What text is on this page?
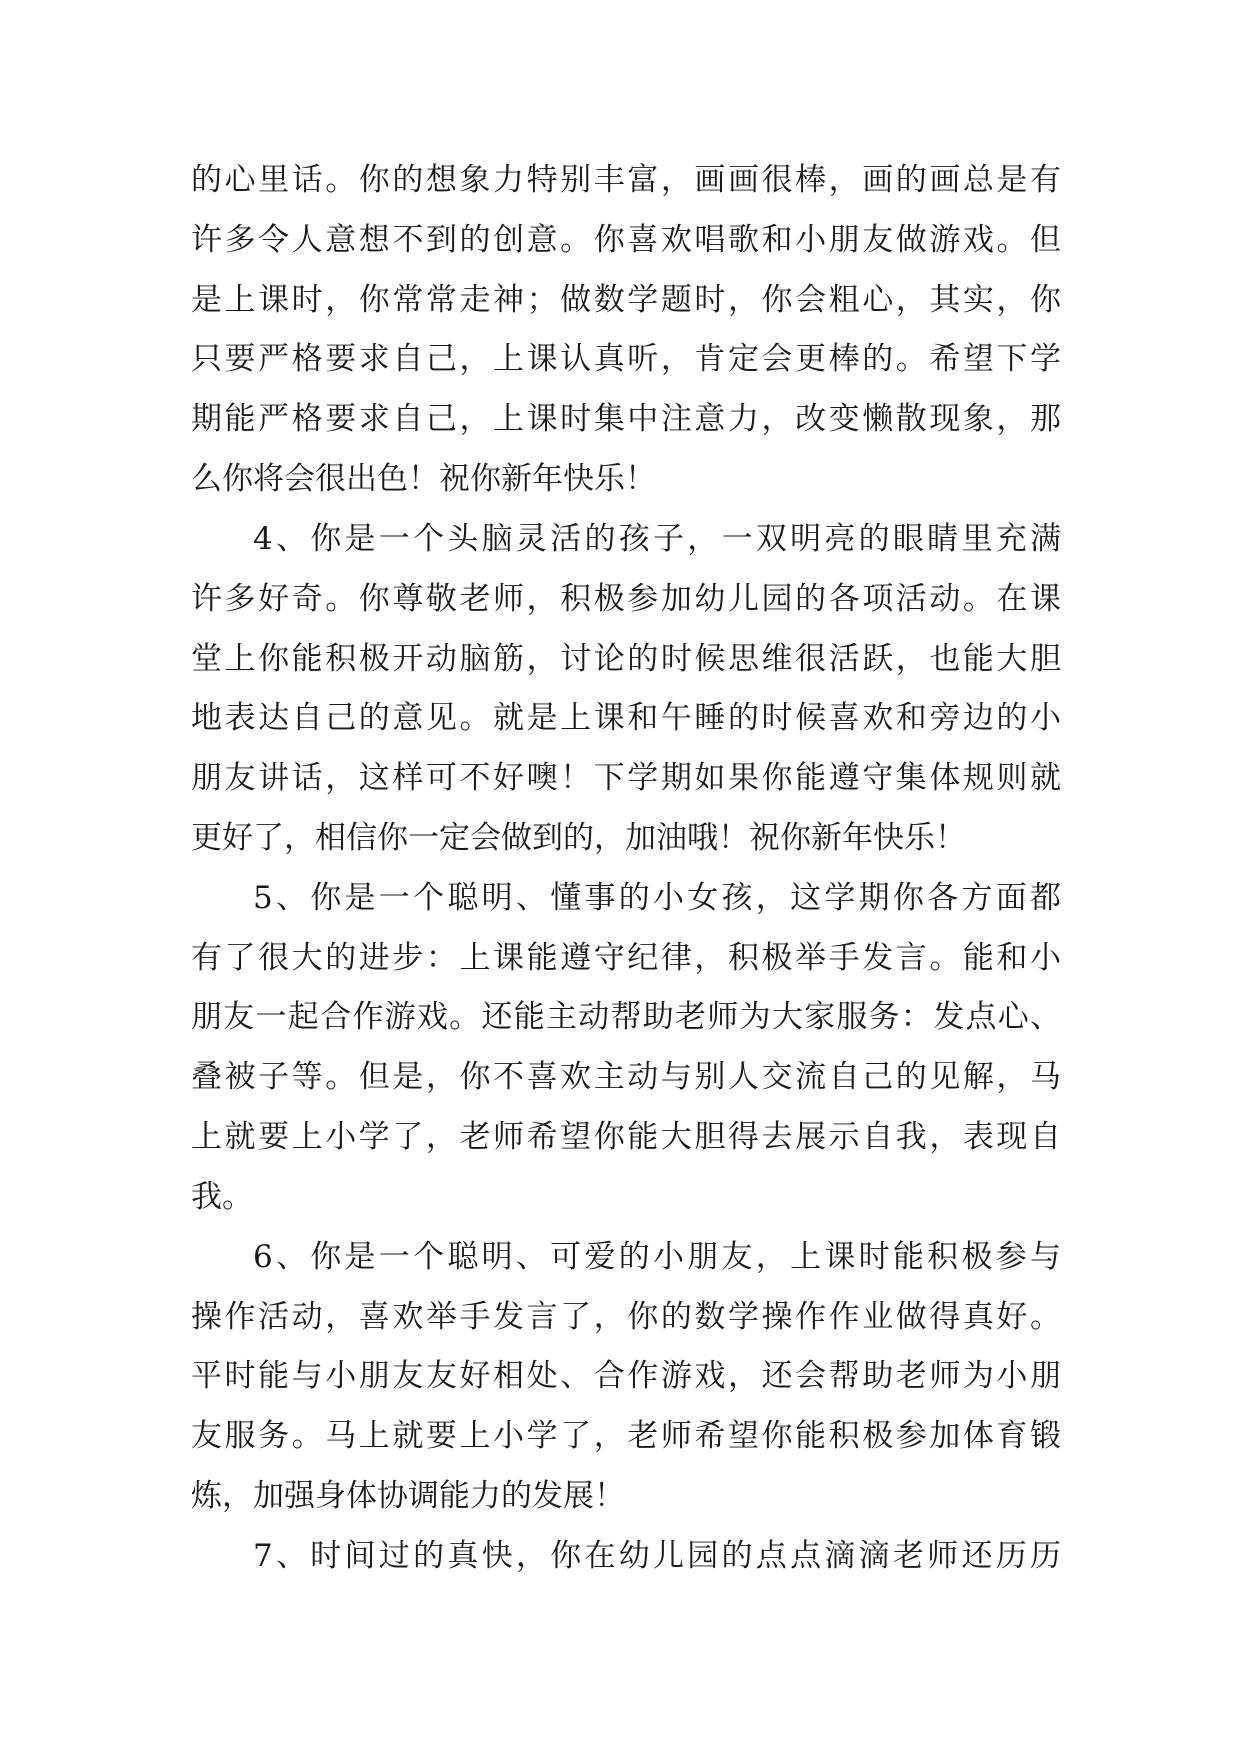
的心里话。你的想象力特别丰富，画画很棒，画的画总是有
许多令人意想不到的创意。你喜欢唱歌和小朋友做游戏。但
是上课时，你常常走神；做数学题时，你会粗心，其实，你
只要严格要求自己，上课认真听，肯定会更棒的。希望下学
期能严格要求自己，上课时集中注意力，改变懒散现象，那
么你将会很出色！祝你新年快乐！
4、你是一个头脑灵活的孩子，一双明亮的眼睛里充满
许多好奇。你尊敬老师，积极参加幼儿园的各项活动。在课
堂上你能积极开动脑筋，讨论的时候思维很活跃，也能大胆
地表达自己的意见。就是上课和午睡的时候喜欢和旁边的小
朋友讲话，这样可不好噢！下学期如果你能遵守集体规则就
更好了，相信你一定会做到的，加油哦！祝你新年快乐！
5、你是一个聪明、懂事的小女孩，这学期你各方面都
有了很大的进步：上课能遵守纪律，积极举手发言。能和小
朋友一起合作游戏。还能主动帮助老师为大家服务：发点心、
叠被子等。但是，你不喜欢主动与别人交流自己的见解，马
上就要上小学了，老师希望你能大胆得去展示自我，表现自
我。
6、你是一个聪明、可爱的小朋友，上课时能积极参与
操作活动，喜欢举手发言了，你的数学操作作业做得真好。
平时能与小朋友友好相处、合作游戏，还会帮助老师为小朋
友服务。马上就要上小学了，老师希望你能积极参加体育锻
炼，加强身体协调能力的发展！
7、时间过的真快，你在幼儿园的点点滴滴老师还历历
